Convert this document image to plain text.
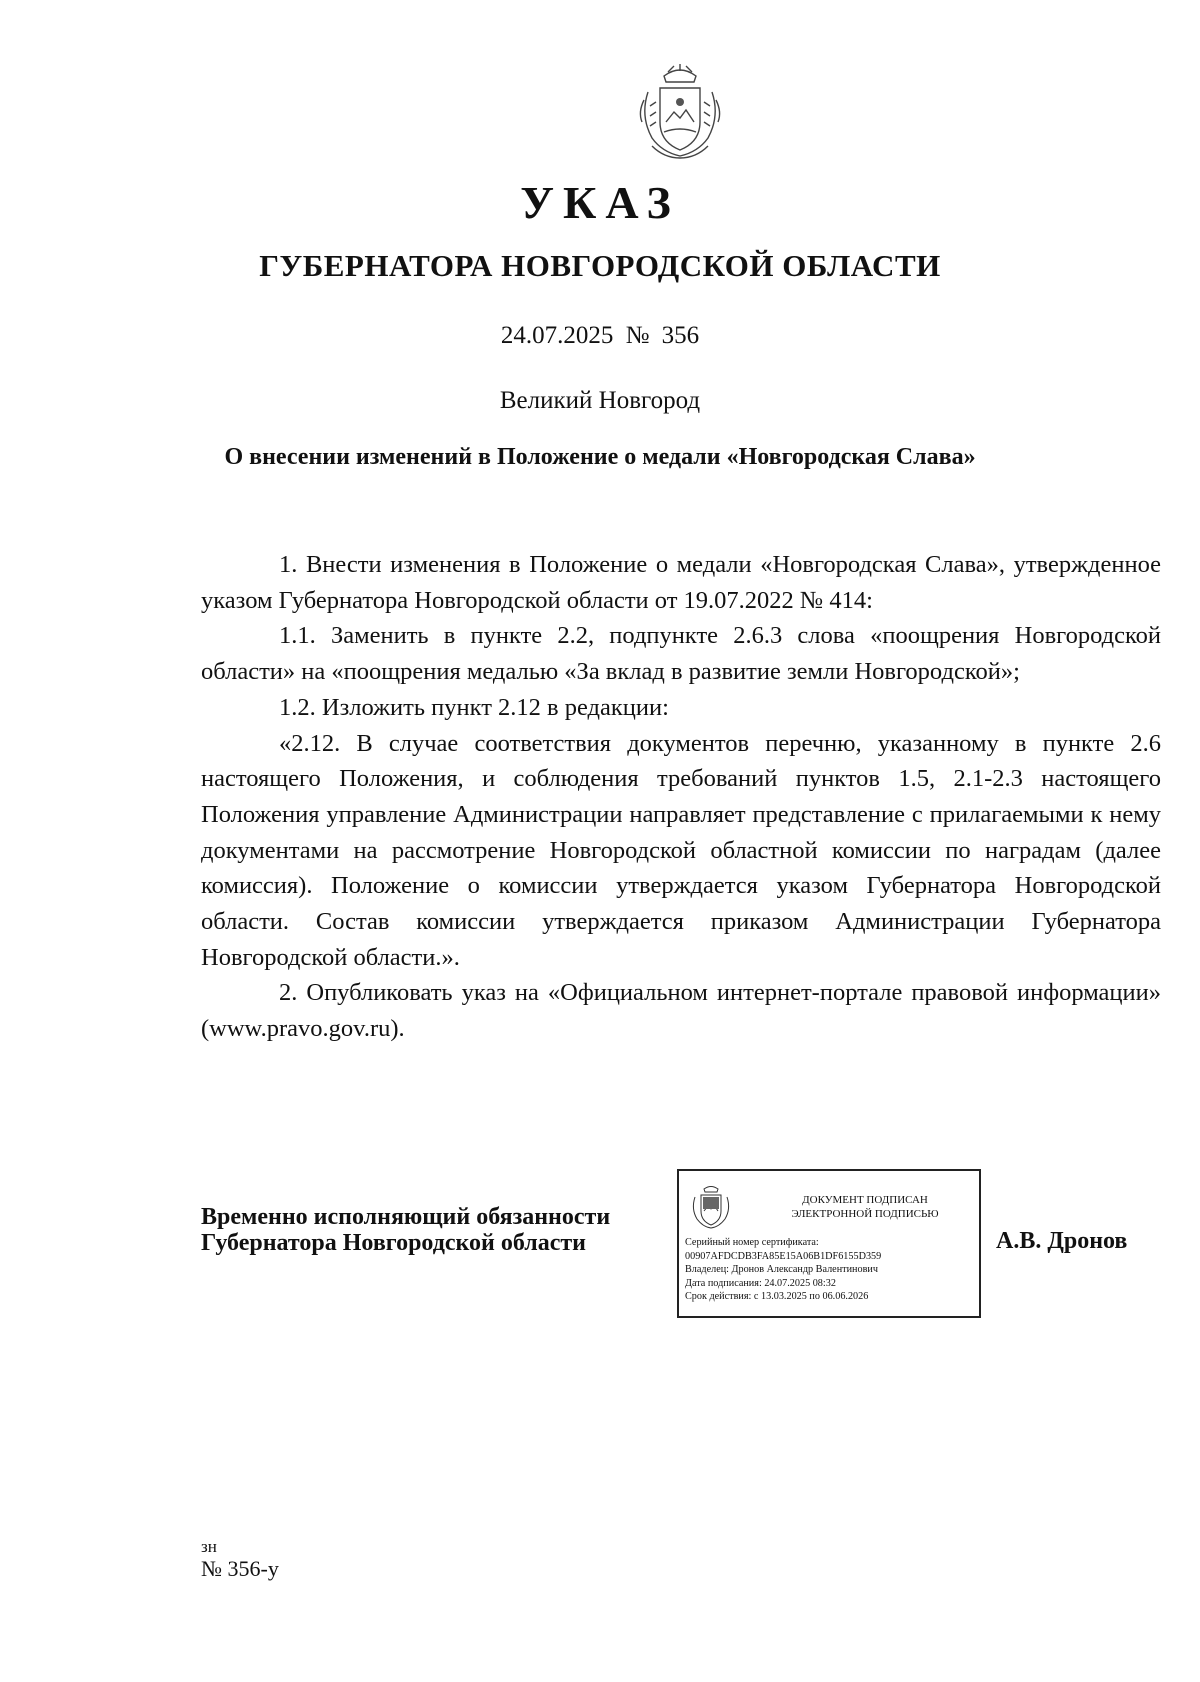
УКАЗ
ГУБЕРНАТОРА НОВГОРОДСКОЙ ОБЛАСТИ
24.07.2025 № 356
Великий Новгород
О внесении изменений в Положение о медали «Новгородская Слава»

1. Внести изменения в Положение о медали «Новгородская Слава», утвержденное указом Губернатора Новгородской области от 19.07.2022 № 414:

1.1. Заменить в пункте 2.2, подпункте 2.6.3 слова «поощрения Новгородской области» на «поощрения медалью «За вклад в развитие земли Новгородской»;

1.2. Изложить пункт 2.12 в редакции:

«2.12. В случае соответствия документов перечню, указанному в пункте 2.6 настоящего Положения, и соблюдения требований пунктов 1.5, 2.1-2.3 настоящего Положения управление Администрации направляет представление с прилагаемыми к нему документами на рассмотрение Новгородской областной комиссии по наградам (далее комиссия). Положение о комиссии утверждается указом Губернатора Новгородской области. Состав комиссии утверждается приказом Администрации Губернатора Новгородской области.».

2. Опубликовать указ на «Официальном интернет-портале правовой информации» (www.pravo.gov.ru).

Временно исполняющий обязанности
Губернатора Новгородской области
ДОКУМЕНТ ПОДПИСАН
ЭЛЕКТРОННОЙ ПОДПИСЬЮ
Серийный номер сертификата:
00907AFDCDB3FA85E15A06B1DF6155D359
Владелец: Дронов Александр Валентинович
Дата подписания: 24.07.2025 08:32
Срок действия: с 13.03.2025 по 06.06.2026
А.В. Дронов
зн
№ 356-у
